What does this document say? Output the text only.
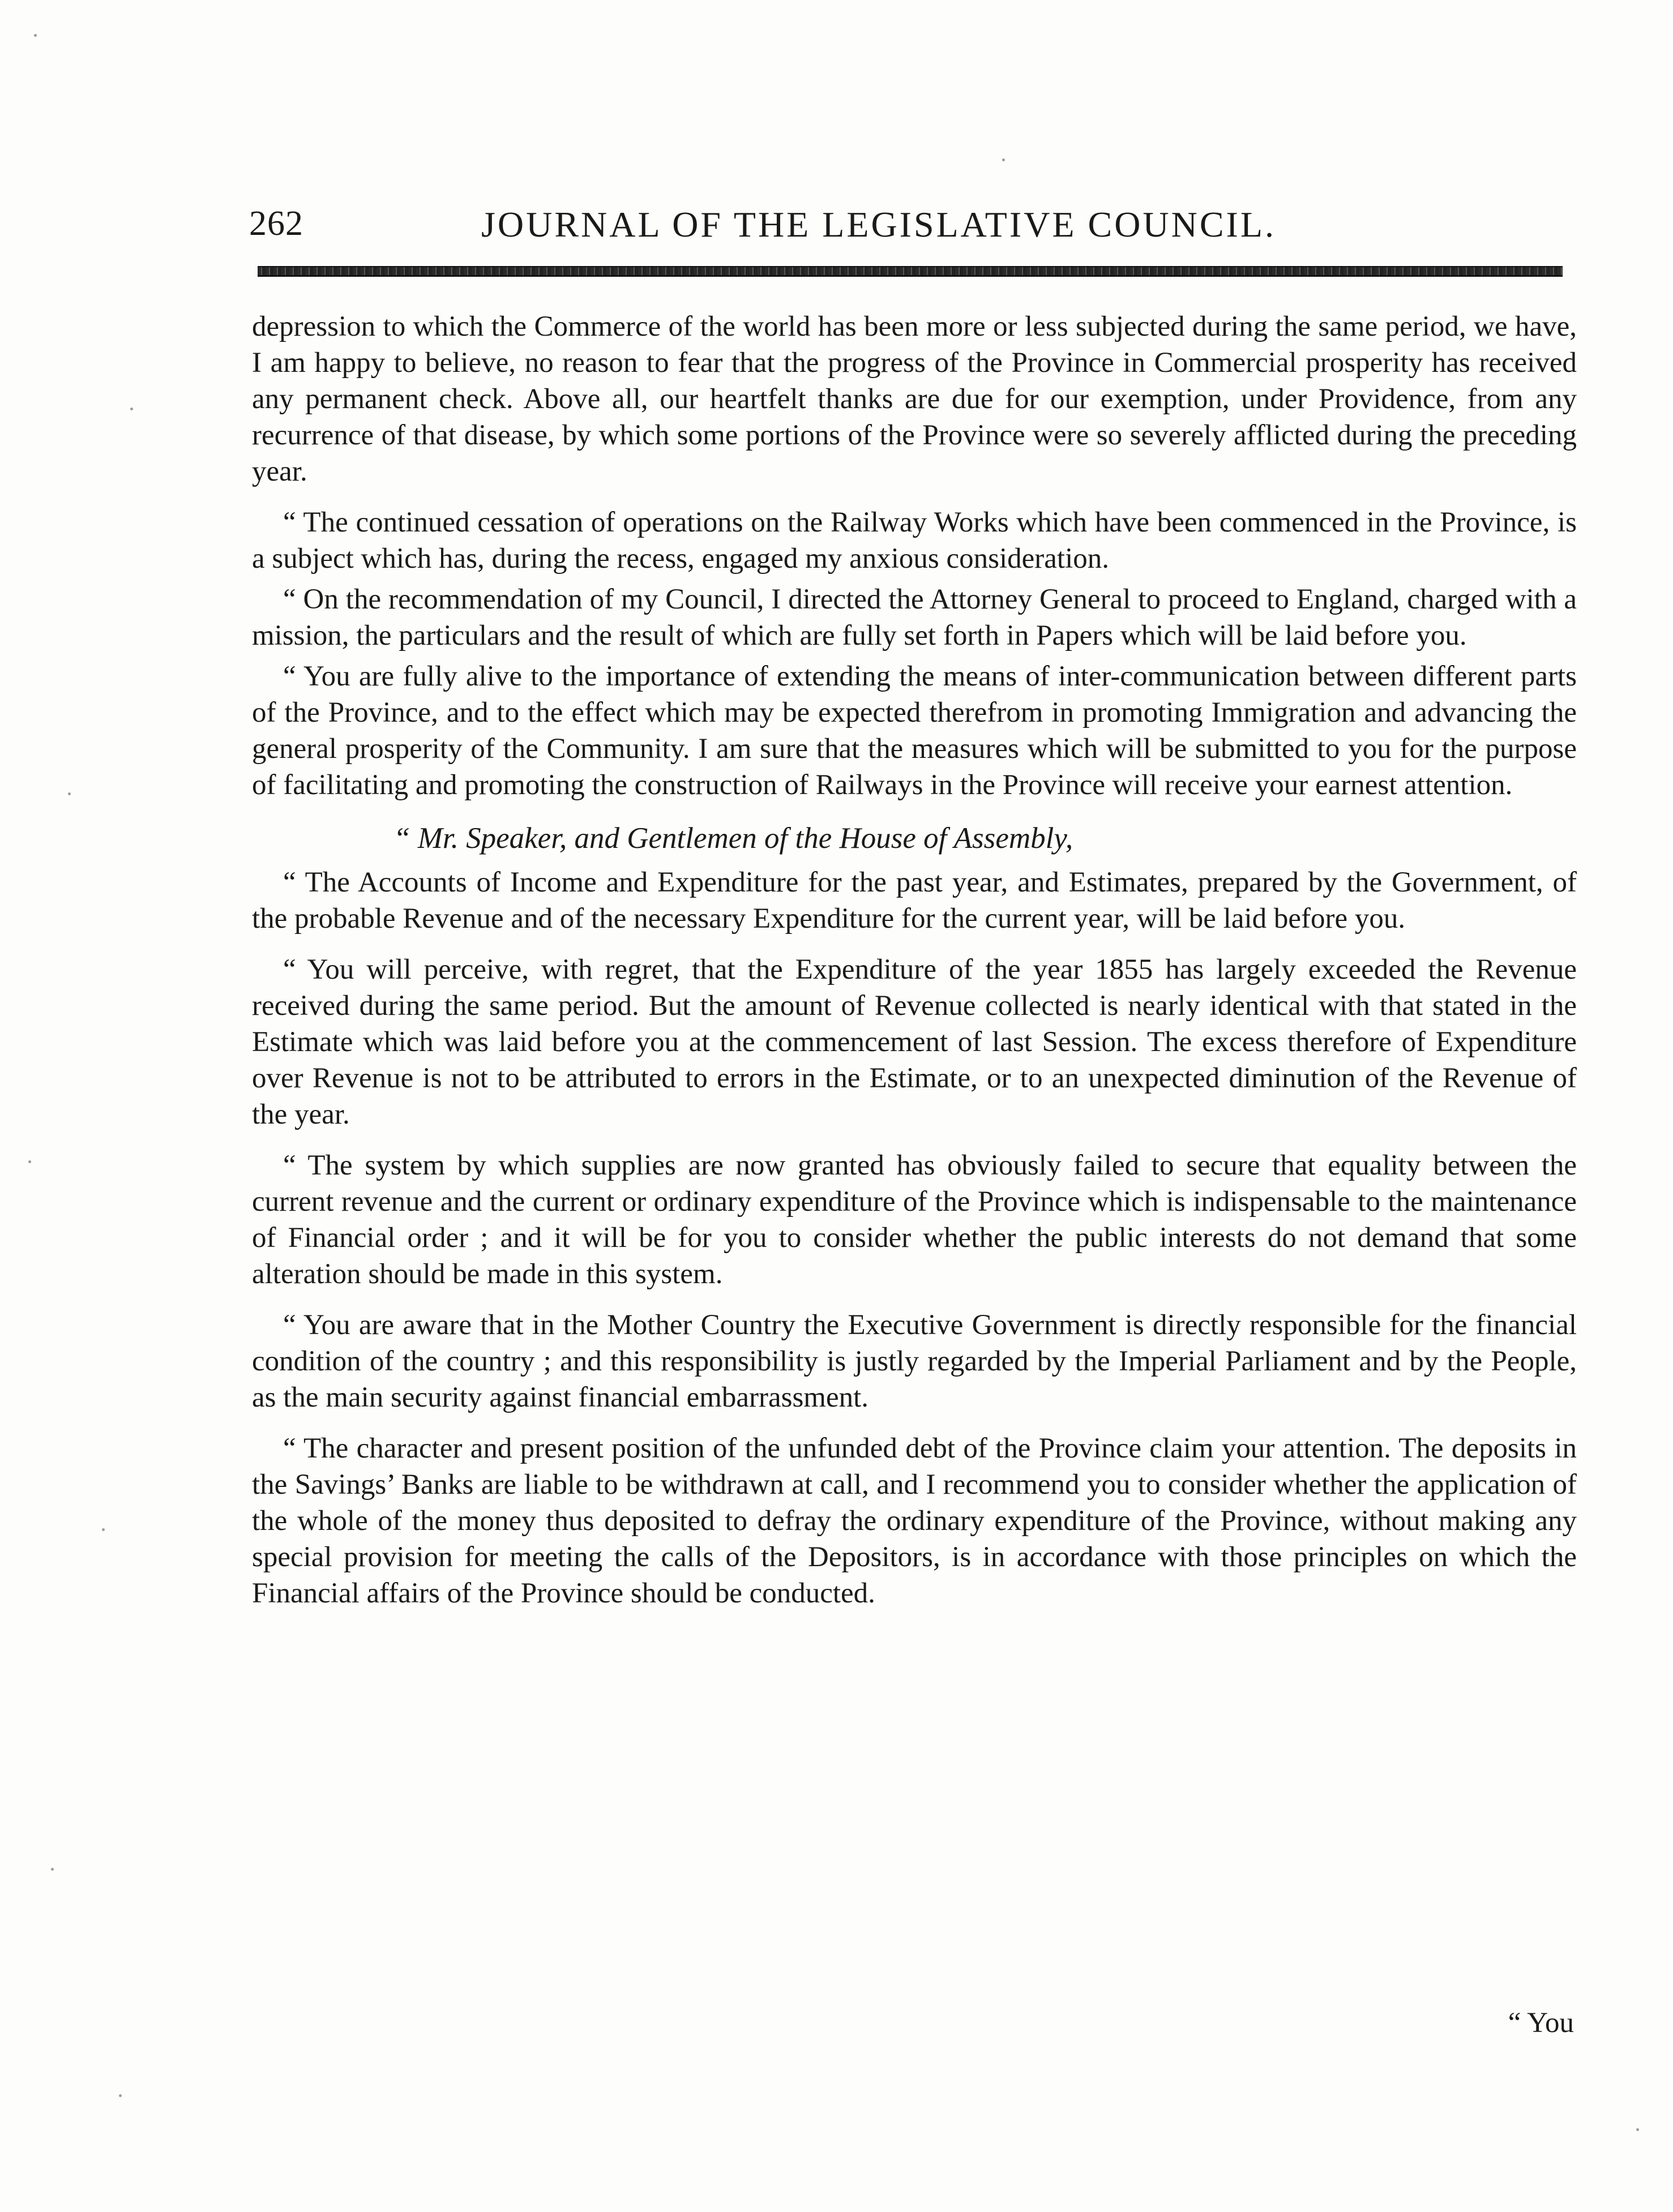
262	JOURNAL OF THE LEGISLATIVE COUNCIL.

depression to which the Commerce of the world has been more or less subjected during the same period, we have, I am happy to believe, no reason to fear that the progress of the Province in Commercial prosperity has received any permanent check. Above all, our heartfelt thanks are due for our exemption, under Providence, from any recurrence of that disease, by which some portions of the Province were so severely afflicted during the preceding year.

“ The continued cessation of operations on the Railway Works which have been commenced in the Province, is a subject which has, during the recess, engaged my anxious consideration.

“ On the recommendation of my Council, I directed the Attorney General to proceed to England, charged with a mission, the particulars and the result of which are fully set forth in Papers which will be laid before you.

“ You are fully alive to the importance of extending the means of inter-communication between different parts of the Province, and to the effect which may be expected therefrom in promoting Immigration and advancing the general prosperity of the Community. I am sure that the measures which will be submitted to you for the purpose of facilitating and promoting the construction of Railways in the Province will receive your earnest attention.

“ Mr. Speaker, and Gentlemen of the House of Assembly,

“ The Accounts of Income and Expenditure for the past year, and Estimates, prepared by the Government, of the probable Revenue and of the necessary Expenditure for the current year, will be laid before you.

“ You will perceive, with regret, that the Expenditure of the year 1855 has largely exceeded the Revenue received during the same period. But the amount of Revenue collected is nearly identical with that stated in the Estimate which was laid before you at the commencement of last Session. The excess therefore of Expenditure over Revenue is not to be attributed to errors in the Estimate, or to an unexpected diminution of the Revenue of the year.

“ The system by which supplies are now granted has obviously failed to secure that equality between the current revenue and the current or ordinary expenditure of the Province which is indispensable to the maintenance of Financial order ; and it will be for you to consider whether the public interests do not demand that some alteration should be made in this system.

“ You are aware that in the Mother Country the Executive Government is directly responsible for the financial condition of the country ; and this responsibility is justly regarded by the Imperial Parliament and by the People, as the main security against financial embarrassment.

“ The character and present position of the unfunded debt of the Province claim your attention. The deposits in the Savings’ Banks are liable to be withdrawn at call, and I recommend you to consider whether the application of the whole of the money thus deposited to defray the ordinary expenditure of the Province, without making any special provision for meeting the calls of the Depositors, is in accordance with those principles on which the Financial affairs of the Province should be conducted.

“ You
